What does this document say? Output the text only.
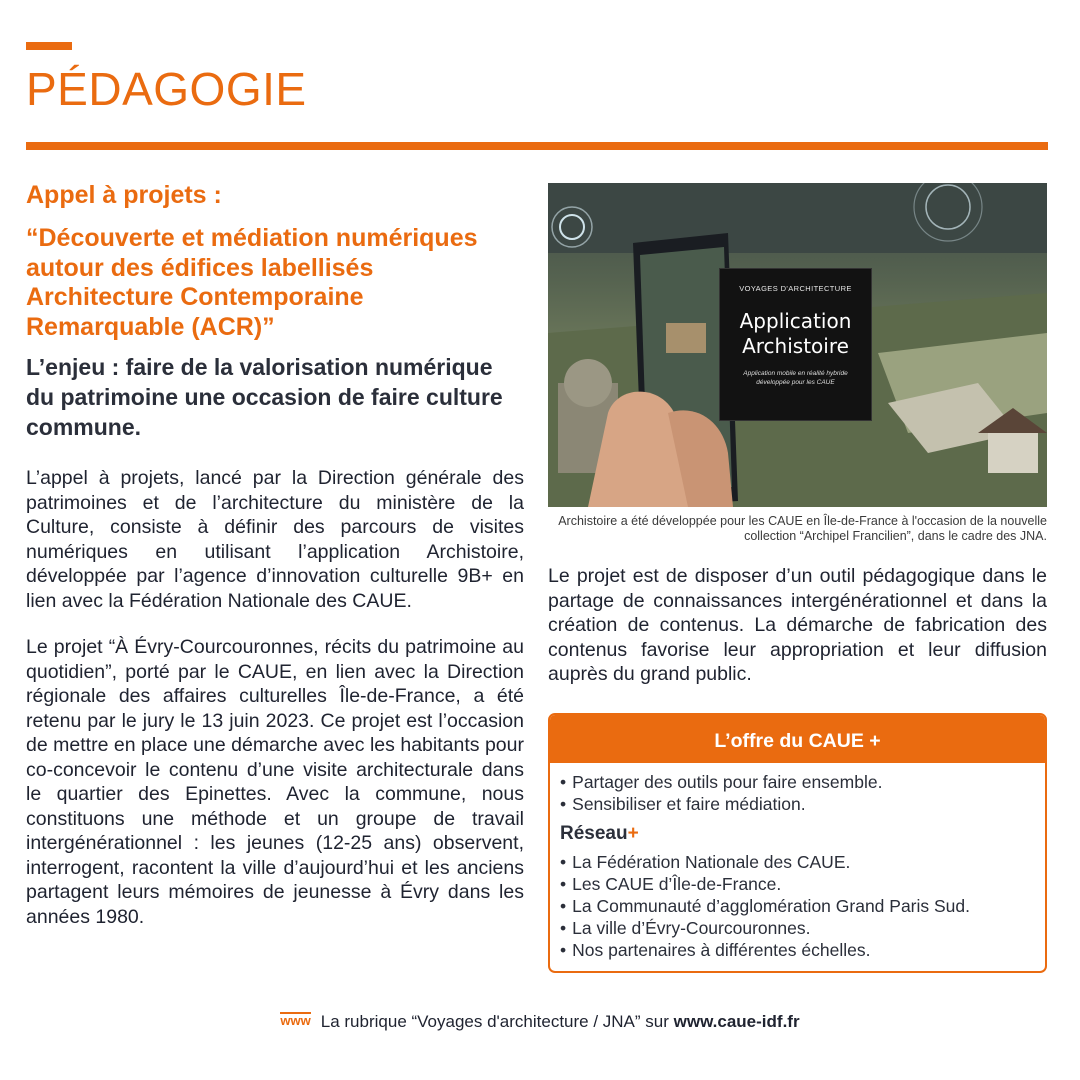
PÉDAGOGIE

Appel à projets :

“Découverte et médiation numériques autour des édifices labellisés Architecture Contemporaine Remarquable (ACR)”

L’enjeu : faire de la valorisation numérique du patrimoine une occasion de faire culture commune.

L’appel à projets, lancé par la Direction générale des patrimoines et de l’architecture du ministère de la Culture, consiste à définir des parcours de visites numériques en utilisant l’application Archistoire, développée par l’agence d’innovation culturelle 9B+ en lien avec la Fédération Nationale des CAUE.

Le projet “À Évry-Courcouronnes, récits du patrimoine au quotidien”, porté par le CAUE, en lien avec la Direction régionale des affaires culturelles Île-de-France, a été retenu par le jury le 13 juin 2023. Ce projet est l’occasion de mettre en place une démarche avec les habitants pour co-concevoir le contenu d’une visite architecturale dans le quartier des Epinettes. Avec la commune, nous constituons une méthode et un groupe de travail intergénérationnel : les jeunes (12-25 ans) observent, interrogent, racontent la ville d’aujourd’hui et les anciens partagent leurs mémoires de jeunesse à Évry dans les années 1980.

VOYAGES D'ARCHITECTURE
Application
Archistoire
Application mobile en réalité hybride développée pour les CAUE

Archistoire a été développée pour les CAUE en Île-de-France à l'occasion de la nouvelle collection “Archipel Francilien”, dans le cadre des JNA.

Le projet est de disposer d’un outil pédagogique dans le partage de connaissances intergénérationnel et dans la création de contenus. La démarche de fabrication des contenus favorise leur appropriation et leur diffusion auprès du grand public.

L’offre du CAUE +
• Partager des outils pour faire ensemble.
• Sensibiliser et faire médiation.

Réseau+

• La Fédération Nationale des CAUE.
• Les CAUE d’Île-de-France.
• La Communauté d’agglomération Grand Paris Sud.
• La ville d’Évry-Courcouronnes.
• Nos partenaires à différentes échelles.
www La rubrique “Voyages d'architecture / JNA” sur www.caue-idf.fr
